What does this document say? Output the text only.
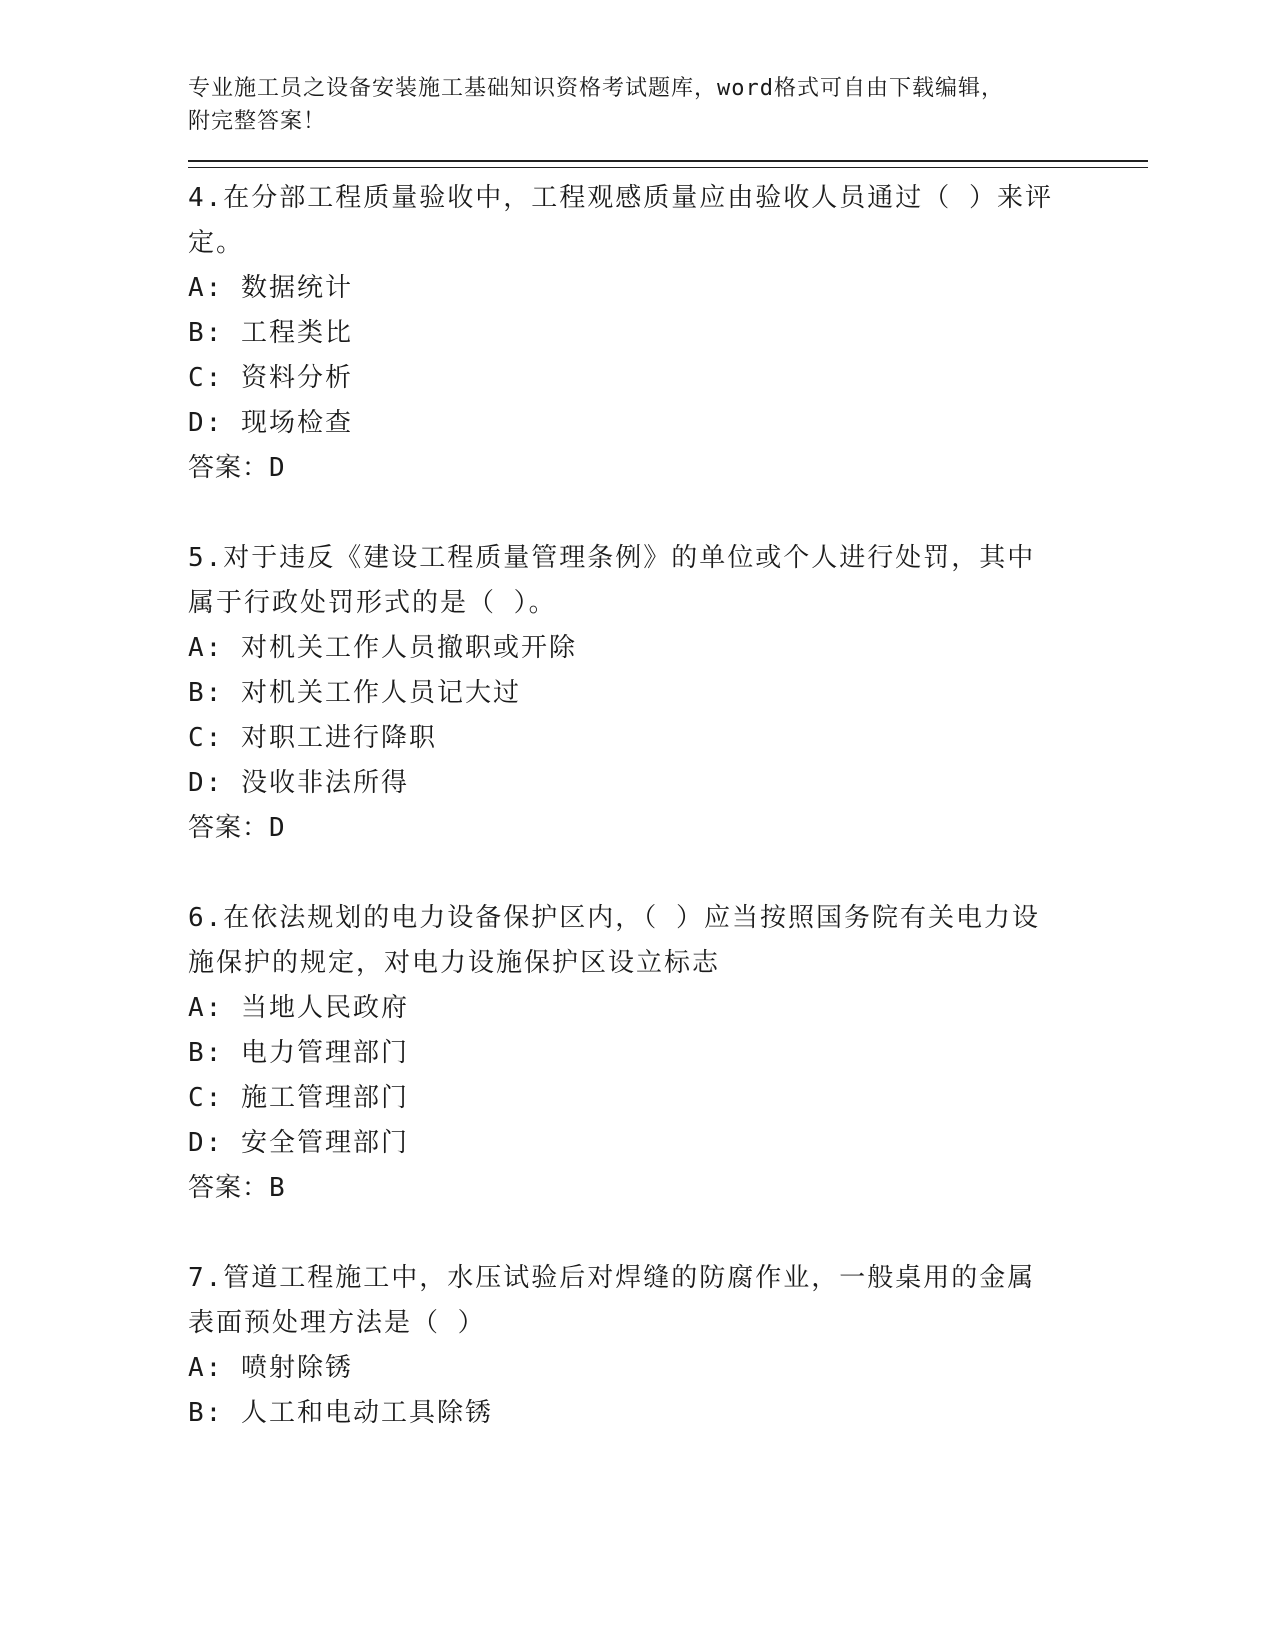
专业施工员之设备安装施工基础知识资格考试题库，word格式可自由下载编辑，
附完整答案！
4.在分部工程质量验收中，工程观感质量应由验收人员通过（ ）来评
定。
A: 数据统计
B: 工程类比
C: 资料分析
D: 现场检查
答案：D
5.对于违反《建设工程质量管理条例》的单位或个人进行处罚，其中
属于行政处罚形式的是（ ）。
A: 对机关工作人员撤职或开除
B: 对机关工作人员记大过
C: 对职工进行降职
D: 没收非法所得
答案：D
6.在依法规划的电力设备保护区内，（ ）应当按照国务院有关电力设
施保护的规定，对电力设施保护区设立标志
A: 当地人民政府
B: 电力管理部门
C: 施工管理部门
D: 安全管理部门
答案：B
7.管道工程施工中，水压试验后对焊缝的防腐作业，一般桌用的金属
表面预处理方法是（ ）
A: 喷射除锈
B: 人工和电动工具除锈
